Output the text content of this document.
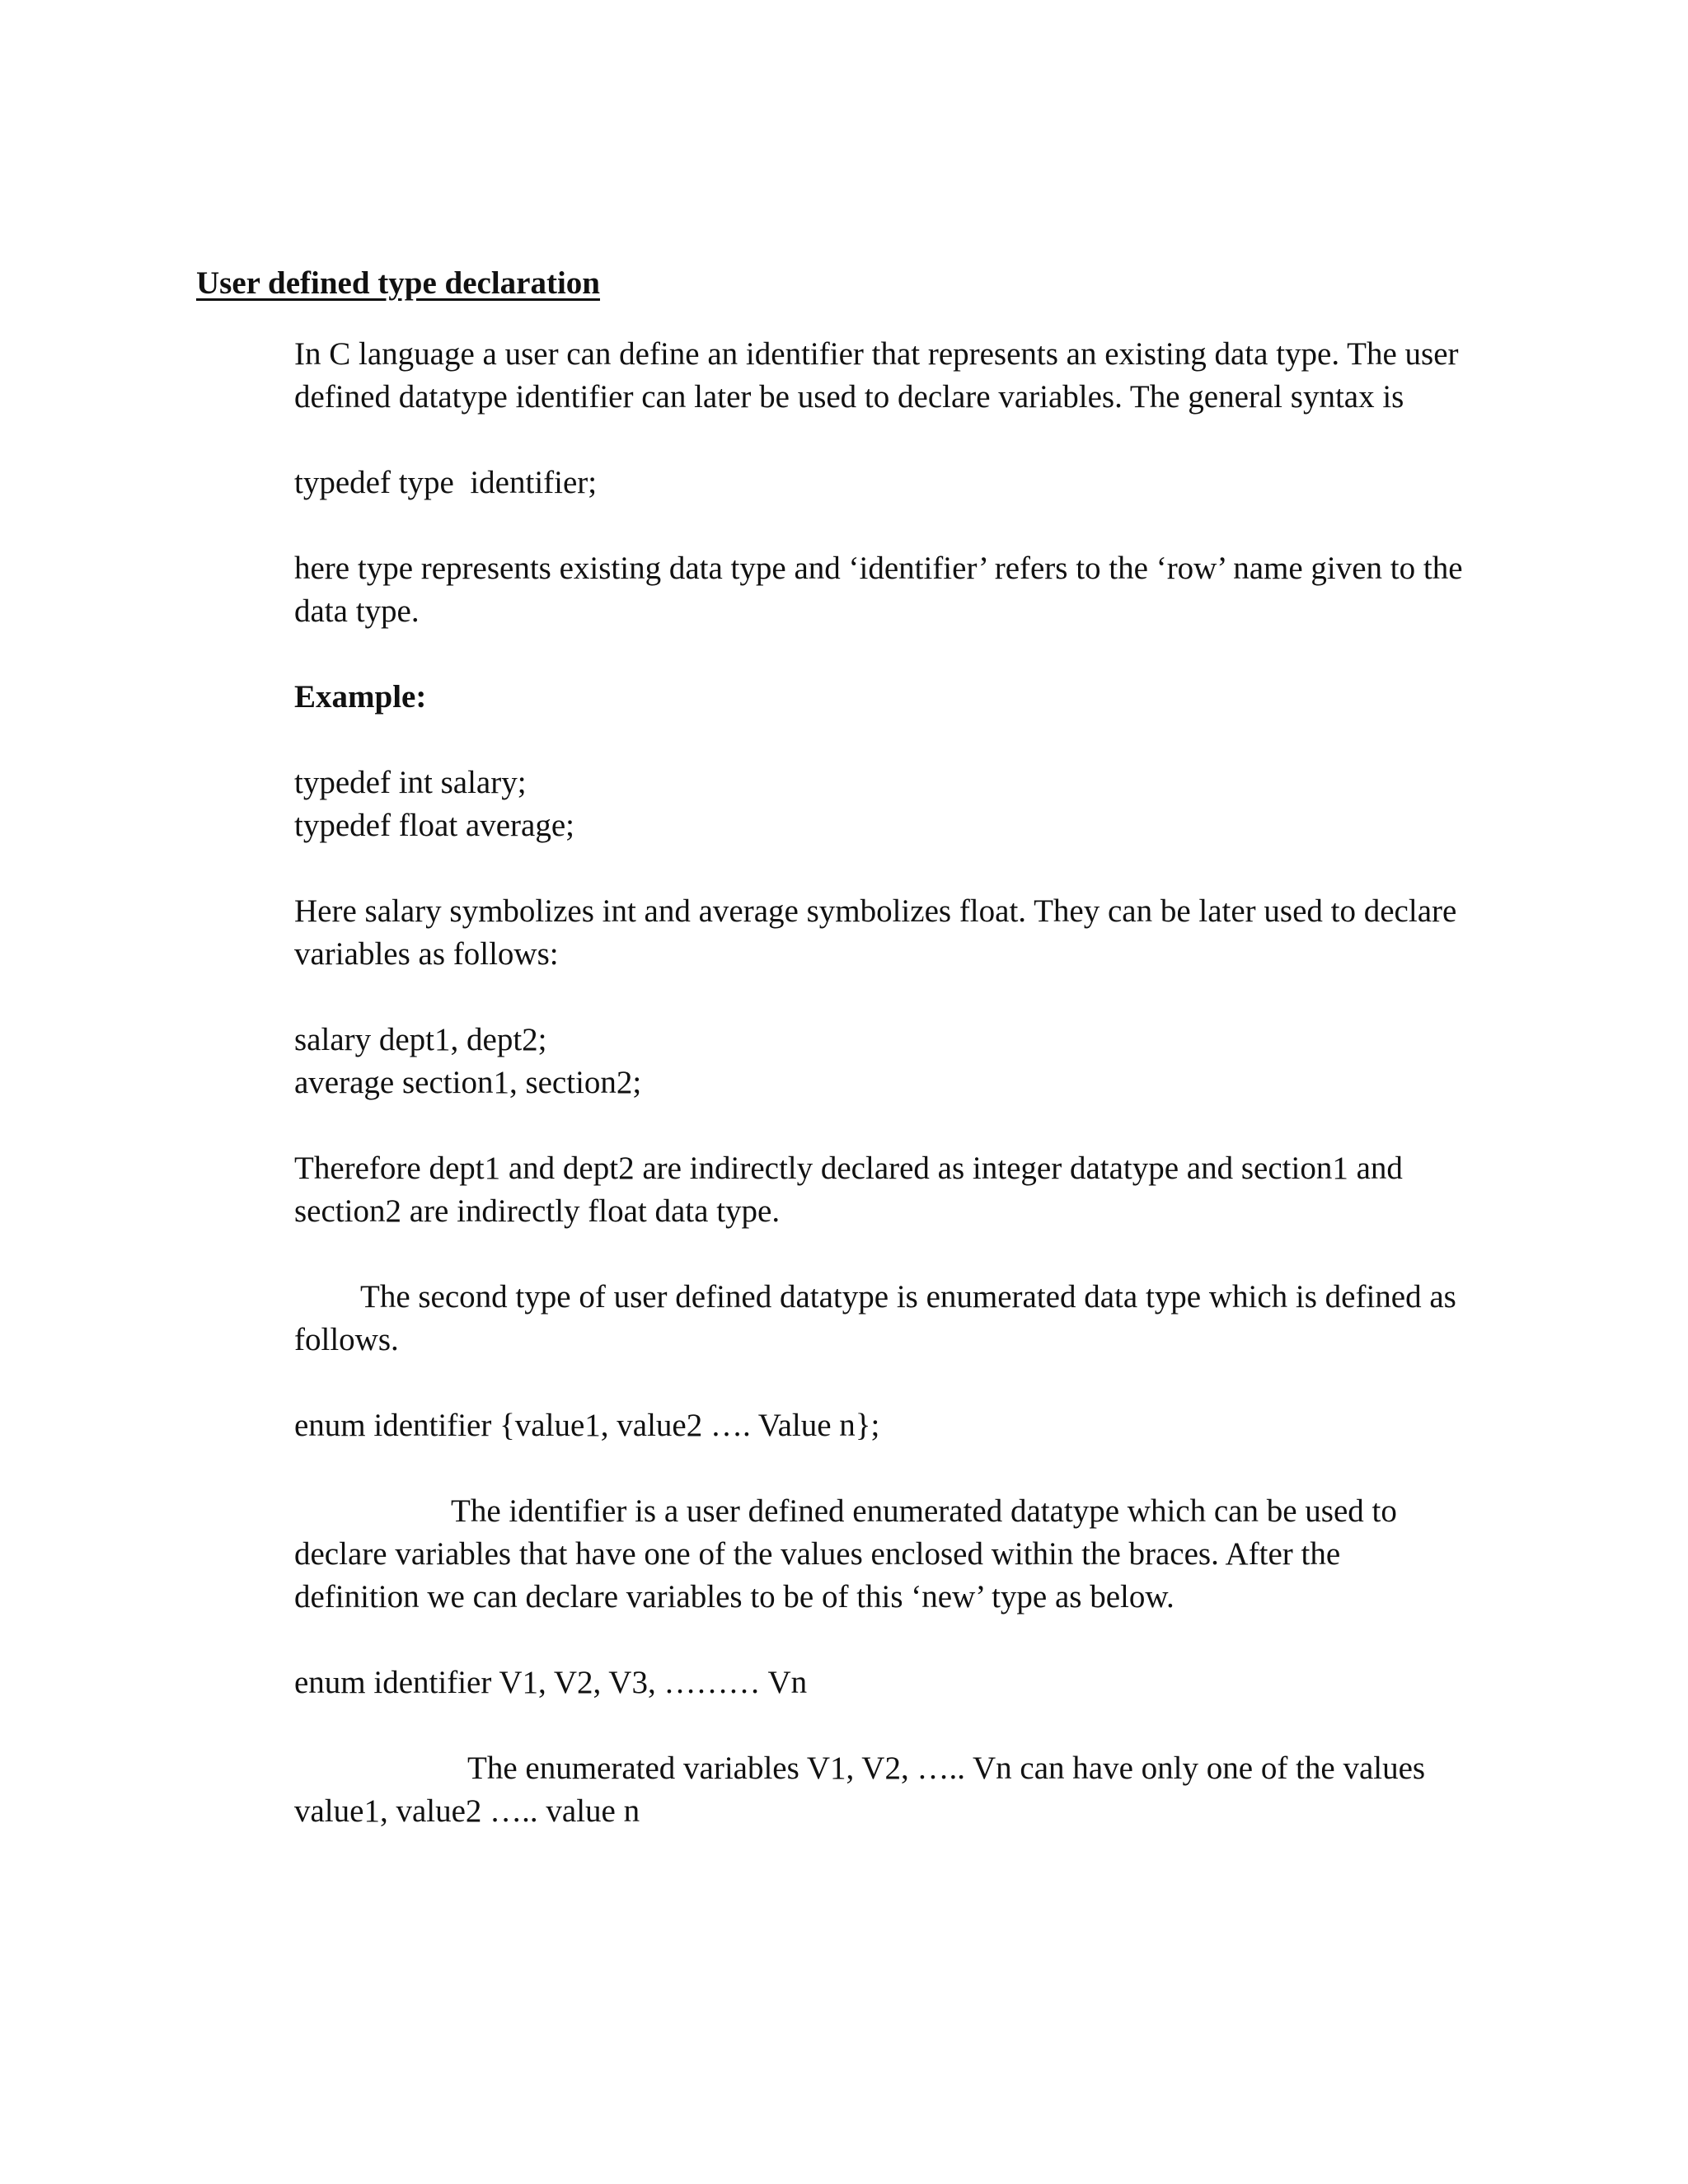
User defined type declaration

In C language a user can define an identifier that represents an existing data type. The user defined datatype identifier can later be used to declare variables. The general syntax is

typedef type  identifier;

here type represents existing data type and ‘identifier’ refers to the ‘row’ name given to the data type.

Example:

typedef int salary;

typedef float average;

Here salary symbolizes int and average symbolizes float. They can be later used to declare variables as follows:

salary dept1, dept2;

average section1, section2;

Therefore dept1 and dept2 are indirectly declared as integer datatype and section1 and section2 are indirectly float data type.

The second type of user defined datatype is enumerated data type which is defined as follows.

enum identifier {value1, value2 …. Value n};

The identifier is a user defined enumerated datatype which can be used to declare variables that have one of the values enclosed within the braces. After the definition we can declare variables to be of this ‘new’ type as below.

enum identifier V1, V2, V3, ……… Vn

The enumerated variables V1, V2, ….. Vn can have only one of the values value1, value2 ….. value n
